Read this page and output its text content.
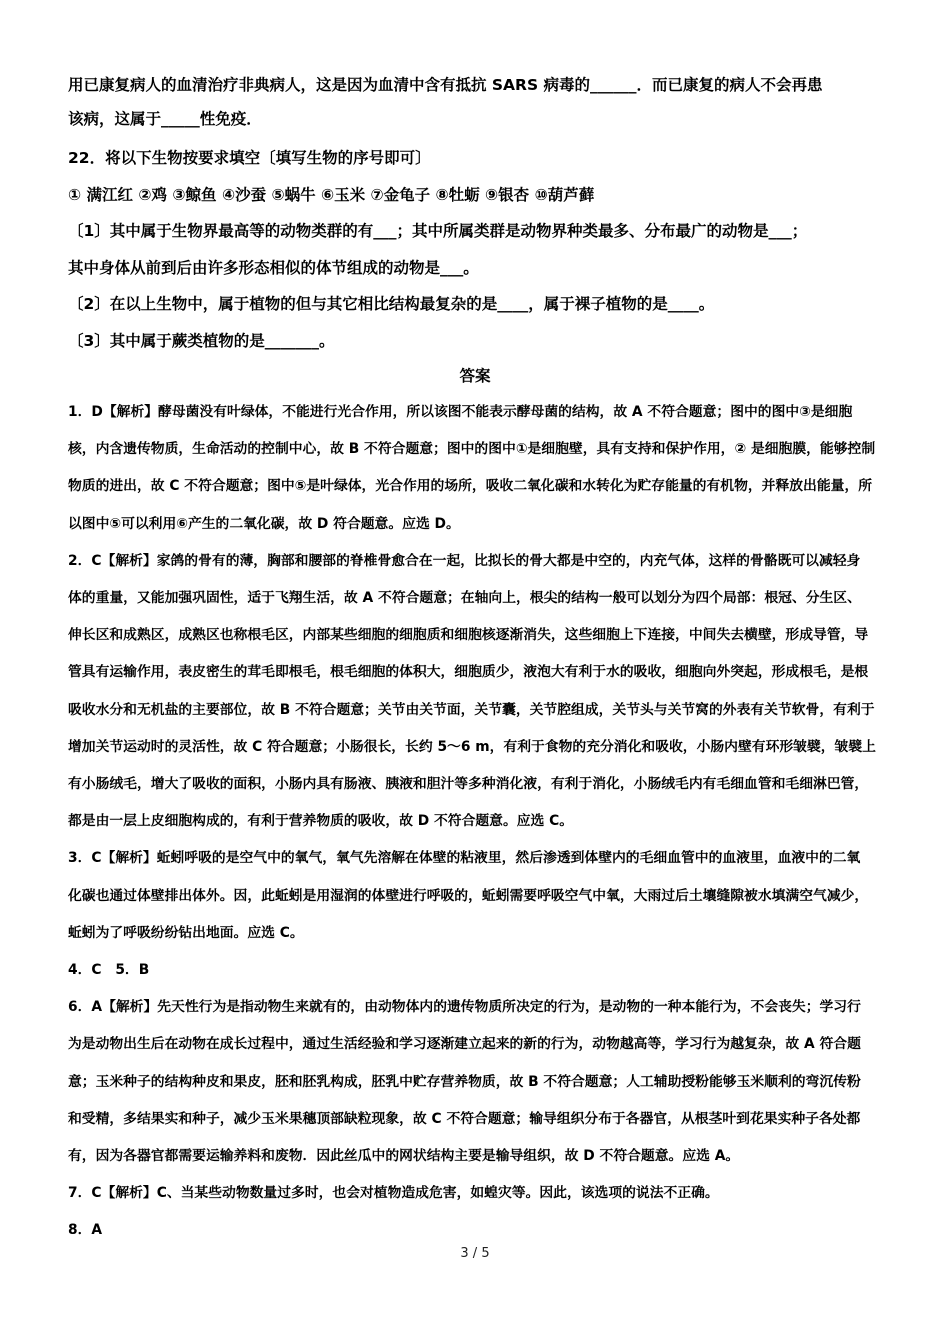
用已康复病人的血清治疗非典病人，这是因为血清中含有抵抗 SARS 病毒的______．而已康复的病人不会再患

该病，这属于_____性免疫．

22．将以下生物按要求填空〔填写生物的序号即可〕

① 满江红 ②鸡 ③鲸鱼 ④沙蚕 ⑤蜗牛 ⑥玉米 ⑦金龟子 ⑧牡蛎 ⑨银杏 ⑩葫芦藓

〔1〕其中属于生物界最高等的动物类群的有___；其中所属类群是动物界种类最多、分布最广的动物是___；

其中身体从前到后由许多形态相似的体节组成的动物是___。

〔2〕在以上生物中，属于植物的但与其它相比结构最复杂的是____，属于裸子植物的是____。

〔3〕其中属于蕨类植物的是_______。

答案

1．D【解析】酵母菌没有叶绿体，不能进行光合作用，所以该图不能表示酵母菌的结构，故 A 不符合题意；图中的图中③是细胞

核，内含遗传物质，生命活动的控制中心，故 B 不符合题意；图中的图中①是细胞壁，具有支持和保护作用，② 是细胞膜，能够控制

物质的进出，故 C 不符合题意；图中⑤是叶绿体，光合作用的场所，吸收二氧化碳和水转化为贮存能量的有机物，并释放出能量，所

以图中⑤可以利用⑥产生的二氧化碳，故 D 符合题意。应选 D。

2．C【解析】家鸽的骨有的薄，胸部和腰部的脊椎骨愈合在一起，比拟长的骨大都是中空的，内充气体，这样的骨骼既可以减轻身

体的重量，又能加强巩固性，适于飞翔生活，故 A 不符合题意；在轴向上，根尖的结构一般可以划分为四个局部：根冠、分生区、

伸长区和成熟区，成熟区也称根毛区，内部某些细胞的细胞质和细胞核逐渐消失，这些细胞上下连接，中间失去横壁，形成导管，导

管具有运输作用，表皮密生的茸毛即根毛，根毛细胞的体积大，细胞质少，液泡大有利于水的吸收，细胞向外突起，形成根毛，是根

吸收水分和无机盐的主要部位，故 B 不符合题意；关节由关节面，关节囊，关节腔组成，关节头与关节窝的外表有关节软骨，有利于

增加关节运动时的灵活性，故 C 符合题意；小肠很长，长约 5～6 m，有利于食物的充分消化和吸收，小肠内壁有环形皱襞，皱襞上

有小肠绒毛，增大了吸收的面积，小肠内具有肠液、胰液和胆汁等多种消化液，有利于消化，小肠绒毛内有毛细血管和毛细淋巴管，

都是由一层上皮细胞构成的，有利于营养物质的吸收，故 D 不符合题意。应选 C。

3．C【解析】蚯蚓呼吸的是空气中的氧气，氧气先溶解在体壁的粘液里，然后渗透到体壁内的毛细血管中的血液里，血液中的二氧

化碳也通过体壁排出体外。因，此蚯蚓是用湿润的体壁进行呼吸的，蚯蚓需要呼吸空气中氧，大雨过后土壤缝隙被水填满空气减少，

蚯蚓为了呼吸纷纷钻出地面。应选 C。

4．C　5．B

6．A【解析】先天性行为是指动物生来就有的，由动物体内的遗传物质所决定的行为，是动物的一种本能行为，不会丧失；学习行

为是动物出生后在动物在成长过程中，通过生活经验和学习逐渐建立起来的新的行为，动物越高等，学习行为越复杂，故 A 符合题

意；玉米种子的结构种皮和果皮，胚和胚乳构成，胚乳中贮存营养物质，故 B 不符合题意；人工辅助授粉能够玉米顺利的弯沉传粉

和受精，多结果实和种子，减少玉米果穗顶部缺粒现象，故 C 不符合题意；输导组织分布于各器官，从根茎叶到花果实种子各处都

有，因为各器官都需要运输养料和废物．因此丝瓜中的网状结构主要是输导组织，故 D 不符合题意。应选 A。

7．C【解析】C、当某些动物数量过多时，也会对植物造成危害，如蝗灾等。因此，该选项的说法不正确。

8．A

3 / 5
